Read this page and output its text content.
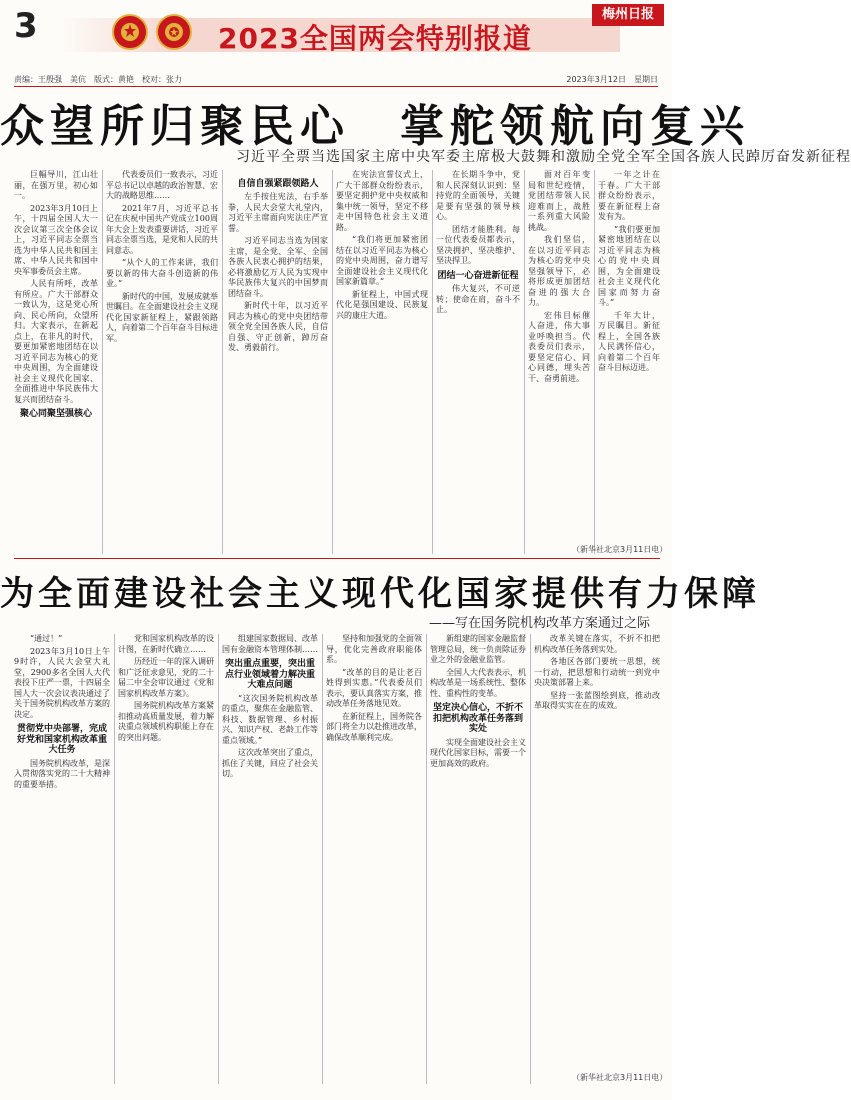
3	2023全国两会特别报道
梅州日报
责编：王殷强　美伉　版式：黄艳　校对：张力	2023年3月12日　星期日
众望所归聚民心　掌舵领航向复兴
习近平全票当选国家主席中央军委主席极大鼓舞和激励全党全军全国各族人民踔厉奋发新征程

巨幅导川，江山壮丽，在强万里，初心如一。

2023年3月10日上午，十四届全国人大一次会议第三次全体会议上，习近平同志全票当选为中华人民共和国主席、中华人民共和国中央军事委员会主席。

人民有所呼，改革有所应。广大干部群众一致认为，这是党心所向、民心所向，众望所归。大家表示，在新起点上，在非凡的时代，要更加紧密地团结在以习近平同志为核心的党中央周围，为全面建设社会主义现代化国家、全面推进中华民族伟大复兴而团结奋斗。

聚心同聚坚强核心

代表委员们一致表示，习近平总书记以卓越的政治智慧、宏大的战略思维……

2021年7月，习近平总书记在庆祝中国共产党成立100周年大会上发表重要讲话，习近平同志全票当选，是党和人民的共同意志。

“从个人的工作来讲，我们要以新的伟大奋斗创造新的伟业。”

新时代的中国，发展成就举世瞩目。在全面建设社会主义现代化国家新征程上，紧跟领路人，向着第二个百年奋斗目标进军。

自信自强紧跟领路人

左手按住宪法，右手举拳，人民大会堂大礼堂内，习近平主席面向宪法庄严宣誓。

习近平同志当选为国家主席，是全党、全军、全国各族人民衷心拥护的结果，必将激励亿万人民为实现中华民族伟大复兴的中国梦而团结奋斗。

新时代十年，以习近平同志为核心的党中央团结带领全党全国各族人民，自信自强、守正创新，踔厉奋发、勇毅前行。

在宪法宣誓仪式上，广大干部群众纷纷表示，要坚定拥护党中央权威和集中统一领导，坚定不移走中国特色社会主义道路。

“我们将更加紧密团结在以习近平同志为核心的党中央周围，奋力谱写全面建设社会主义现代化国家新篇章。”

新征程上，中国式现代化是强国建设、民族复兴的康庄大道。

在长期斗争中，党和人民深刻认识到：坚持党的全面领导，关键是要有坚强的领导核心。

团结才能胜利。每一位代表委员都表示，坚决拥护、坚决维护、坚决捍卫。

团结一心奋进新征程

伟大复兴，不可逆转；使命在肩，奋斗不止。

面对百年变局和世纪疫情，党团结带领人民迎难而上，战胜一系列重大风险挑战。

我们坚信，在以习近平同志为核心的党中央坚强领导下，必将形成更加团结奋进的强大合力。

宏伟目标催人奋进，伟大事业呼唤担当。代表委员们表示，要坚定信心、同心同德，埋头苦干、奋勇前进。

一年之计在于春。广大干部群众纷纷表示，要在新征程上奋发有为。

“我们要更加紧密地团结在以习近平同志为核心的党中央周围，为全面建设社会主义现代化国家而努力奋斗。”

千年大计，万民瞩目。新征程上，全国各族人民满怀信心，向着第二个百年奋斗目标迈进。

（新华社北京3月11日电）
为全面建设社会主义现代化国家提供有力保障
——写在国务院机构改革方案通过之际

“通过！”

2023年3月10日上午9时许，人民大会堂大礼堂，2900多名全国人大代表投下庄严一票，十四届全国人大一次会议表决通过了关于国务院机构改革方案的决定。

贯彻党中央部署，完成好党和国家机构改革重大任务

国务院机构改革，是深入贯彻落实党的二十大精神的重要举措。

党和国家机构改革的设计图，在新时代确立……

历经近一年的深入调研和广泛征求意见，党的二十届二中全会审议通过《党和国家机构改革方案》。

国务院机构改革方案紧扣推动高质量发展，着力解决重点领域机构职能上存在的突出问题。

组建国家数据局、改革国有金融资本管理体制……

突出重点重要，突出重点行业领域着力解决重大难点问题

“这次国务院机构改革的重点，聚焦在金融监管、科技、数据管理、乡村振兴、知识产权、老龄工作等重点领域。”

这次改革突出了重点，抓住了关键，回应了社会关切。

坚持和加强党的全面领导，优化完善政府职能体系。

“改革的目的是让老百姓得到实惠。”代表委员们表示，要认真落实方案，推动改革任务落地见效。

在新征程上，国务院各部门将全力以赴推进改革，确保改革顺利完成。

新组建的国家金融监督管理总局，统一负责除证券业之外的金融业监管。

全国人大代表表示，机构改革是一场系统性、整体性、重构性的变革。

坚定决心信心，不折不扣把机构改革任务落到实处

实现全面建设社会主义现代化国家目标，需要一个更加高效的政府。

改革关键在落实，不折不扣把机构改革任务落到实处。

各地区各部门要统一思想，统一行动，把思想和行动统一到党中央决策部署上来。

坚持一张蓝图绘到底，推动改革取得实实在在的成效。

（新华社北京3月11日电）
